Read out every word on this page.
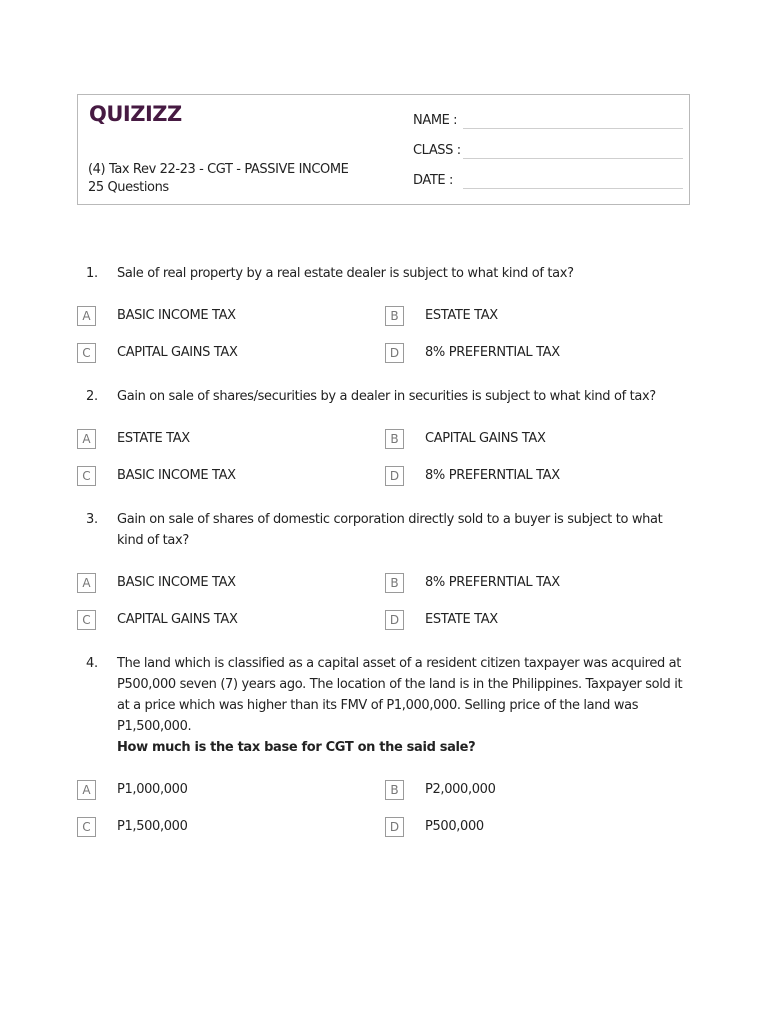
QUIZIZZ
(4) Tax Rev 22-23 - CGT - PASSIVE INCOME
25 Questions
NAME :
CLASS :
DATE :
1. Sale of real property by a real estate dealer is subject to what kind of tax?
A	BASIC INCOME TAX	B	ESTATE TAX
C	CAPITAL GAINS TAX	D	8% PREFERNTIAL TAX
2. Gain on sale of shares/securities by a dealer in securities is subject to what kind of tax?
A	ESTATE TAX	B	CAPITAL GAINS TAX
C	BASIC INCOME TAX	D	8% PREFERNTIAL TAX
3. Gain on sale of shares of domestic corporation directly sold to a buyer is subject to what kind of tax?
A	BASIC INCOME TAX	B	8% PREFERNTIAL TAX
C	CAPITAL GAINS TAX	D	ESTATE TAX
4. The land which is classified as a capital asset of a resident citizen taxpayer was acquired at P500,000 seven (7) years ago. The location of the land is in the Philippines. Taxpayer sold it at a price which was higher than its FMV of P1,000,000. Selling price of the land was P1,500,000.
How much is the tax base for CGT on the said sale?
A	P1,000,000	B	P2,000,000
C	P1,500,000	D	P500,000
